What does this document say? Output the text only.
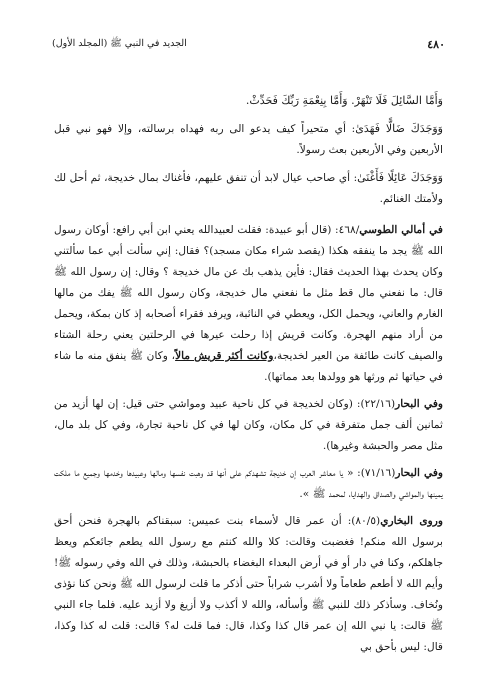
٤٨٠
الجديد في النبي ﷺ (المجلد الأول)

وَأَمَّا السَّائِلَ فَلَا تَنْهَرْ. وَأَمَّا بِنِعْمَةِ رَبِّكَ فَحَدِّثْ.

وَوَجَدَكَ ضَالًّا فَهَدَىٰ: أي متحيراً كيف يدعو الى ربه فهداه برسالته، وإلا فهو نبي قبل الأربعين وفي الأربعين بعث رسولاً.

وَوَجَدَكَ عَائِلًا فَأَغْنَىٰ: أي صاحب عيال لابد أن تنفق عليهم، فأغناك بمال خديجة، ثم أحل لك ولأمتك الغنائم.

في أمالي الطوسي/٤٦٨: (قال أبو عبيدة: فقلت لعبيدالله يعني ابن أبي رافع: أوكان رسول الله ﷺ يجد ما ينفقه هكذا (يقصد شراء مكان مسجد)؟ فقال: إني سألت أبي عما سألتني وكان يحدث بهذا الحديث فقال: فأين يذهب بك عن مال خديجة ؟ وقال: إن رسول الله ﷺ قال: ما نفعني مال قط مثل ما نفعني مال خديجة، وكان رسول الله ﷺ يفك من مالها الغارم والعاني، ويحمل الكل، ويعطي في النائبة، ويرفد فقراء أصحابه إذ كان بمكة، ويحمل من أراد منهم الهجرة. وكانت قريش إذا رحلت عيرها في الرحلتين يعني رحلة الشتاء والصيف كانت طائفة من العير لخديجة،وكانت أكثر قريش مالاً، وكان ﷺ ينفق منه ما شاء في حياتها ثم ورثها هو وولدها بعد مماتها).

وفي البحار(٢٢/١٦): (وكان لخديجة في كل ناحية عبيد ومواشي حتى قيل: إن لها أزيد من ثمانين ألف جمل متفرقة في كل مكان، وكان لها في كل ناحية تجارة، وفي كل بلد مال، مثل مصر والحبشة وغيرها).

وفي البحار(٧١/١٦): « يا معاشر العرب إن خديجة تشهدكم على أنها قد وهبت نفسها ومالها وعبيدها وخدمها وجميع ما ملكت يمينها والمواشي والصداق والهدايا، لمحمد ﷺ ».

وروى البخاري(٨٠/٥): أن عمر قال لأسماء بنت عميس: سبقناكم بالهجرة فنحن أحق برسول الله منكم! فغضبت وقالت: كلا والله كنتم مع رسول الله يطعم جائعكم ويعظ جاهلكم، وكنا في دار أو في أرض البعداء البغضاء بالحبشة، وذلك في الله وفي رسوله ﷺ! وأيم الله لا أطعم طعاماً ولا أشرب شراباً حتى أذكر ما قلت لرسول الله ﷺ ونحن كنا نؤذى ونُخاف. وسأذكر ذلك للنبي ﷺ وأسأله، والله لا أكذب ولا أزيغ ولا أزيد عليه. فلما جاء النبي ﷺ قالت: يا نبي الله إن عمر قال كذا وكذا، قال: فما قلت له؟ قالت: قلت له كذا وكذا، قال: ليس بأحق بي
